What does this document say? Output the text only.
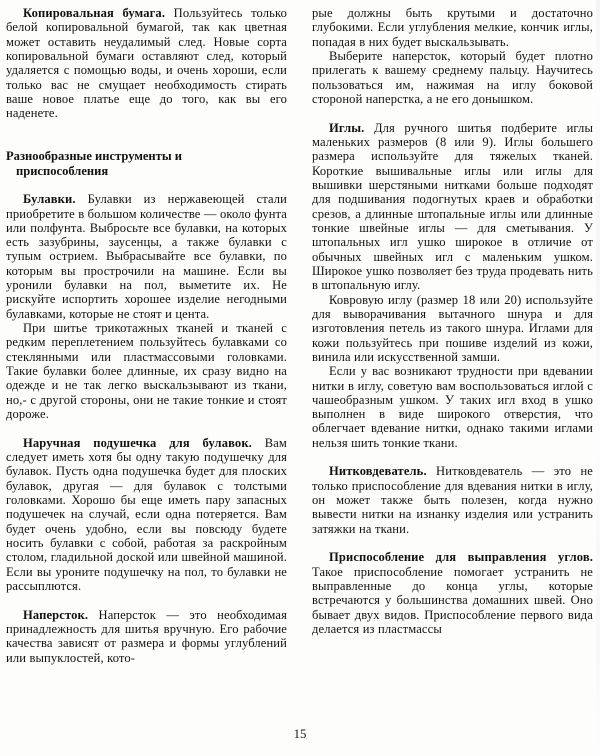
Копировальная бумага. Пользуйтесь только белой копировальной бумагой, так как цветная может оставить неудалимый след. Новые сорта копировальной бумаги оставляют след, который удаляется с помощью воды, и очень хороши, если только вас не смущает необходимость стирать ваше новое платье еще до того, как вы его наденете.

Разнообразные инструменты и
приспособления

Булавки. Булавки из нержавеющей стали приобретите в большом количестве — около фунта или полфунта. Выбросьте все булавки, на которых есть зазубрины, заусенцы, а также булавки с тупым острием. Выбрасывайте все булавки, по которым вы прострочили на машине. Если вы уронили булавки на пол, выметите их. Не рискуйте испортить хорошее изделие негодными булавками, которые не стоят и цента.

При шитье трикотажных тканей и тканей с редким переплетением пользуйтесь булавками со стеклянными или пластмассовыми головками. Такие булавки более длинные, их сразу видно на одежде и не так легко выскальзывают из ткани, но,- с другой стороны, они не такие тонкие и стоят дороже.

Наручная подушечка для булавок. Вам следует иметь хотя бы одну такую подушечку для булавок. Пусть одна подушечка будет для плоских булавок, другая — для булавок с толстыми головками. Хорошо бы еще иметь пару запасных подушечек на случай, если одна потеряется. Вам будет очень удобно, если вы повсюду будете носить булавки с собой, работая за раскройным столом, гладильной доской или швейной машиной. Если вы уроните подушечку на пол, то булавки не рассыплются.

Наперсток. Наперсток — это необходимая принадлежность для шитья вручную. Его рабочие качества зависят от размера и формы углублений или выпуклостей, кото-

рые должны быть крутыми и достаточно глубокими. Если углубления мелкие, кончик иглы, попадая в них будет выскальзывать.

Выберите наперсток, который будет плотно прилегать к вашему среднему пальцу. Научитесь пользоваться им, нажимая на иглу боковой стороной наперстка, а не его донышком.

Иглы. Для ручного шитья подберите иглы маленьких размеров (8 или 9). Иглы большего размера используйте для тяжелых тканей. Короткие вышивальные иглы или иглы для вышивки шерстяными нитками больше подходят для подшивания подогнутых краев и обработки срезов, а длинные штопальные иглы или длинные тонкие швейные иглы — для сметывания. У штопальных игл ушко широкое в отличие от обычных швейных игл с маленьким ушком. Широкое ушко позволяет без труда продевать нить в штопальную иглу.

Ковровую иглу (размер 18 или 20) используйте для выворачивания вытачного шнура и для изготовления петель из такого шнура. Иглами для кожи пользуйтесь при пошиве изделий из кожи, винила или искусственной замши.

Если у вас возникают трудности при вдевании нитки в иглу, советую вам воспользоваться иглой с чашеобразным ушком. У таких игл вход в ушко выполнен в виде широкого отверстия, что облегчает вдевание нитки, однако такими иглами нельзя шить тонкие ткани.

Нитковдеватель. Нитковдеватель — это не только приспособление для вдевания нитки в иглу, он может также быть полезен, когда нужно вывести нитки на изнанку изделия или устранить затяжки на ткани.

Приспособление для выправления углов. Такое приспособление помогает устранить не выправленные до конца углы, которые встречаются у большинства домашних швей. Оно бывает двух видов. Приспособление первого вида делается из пластмассы

15
